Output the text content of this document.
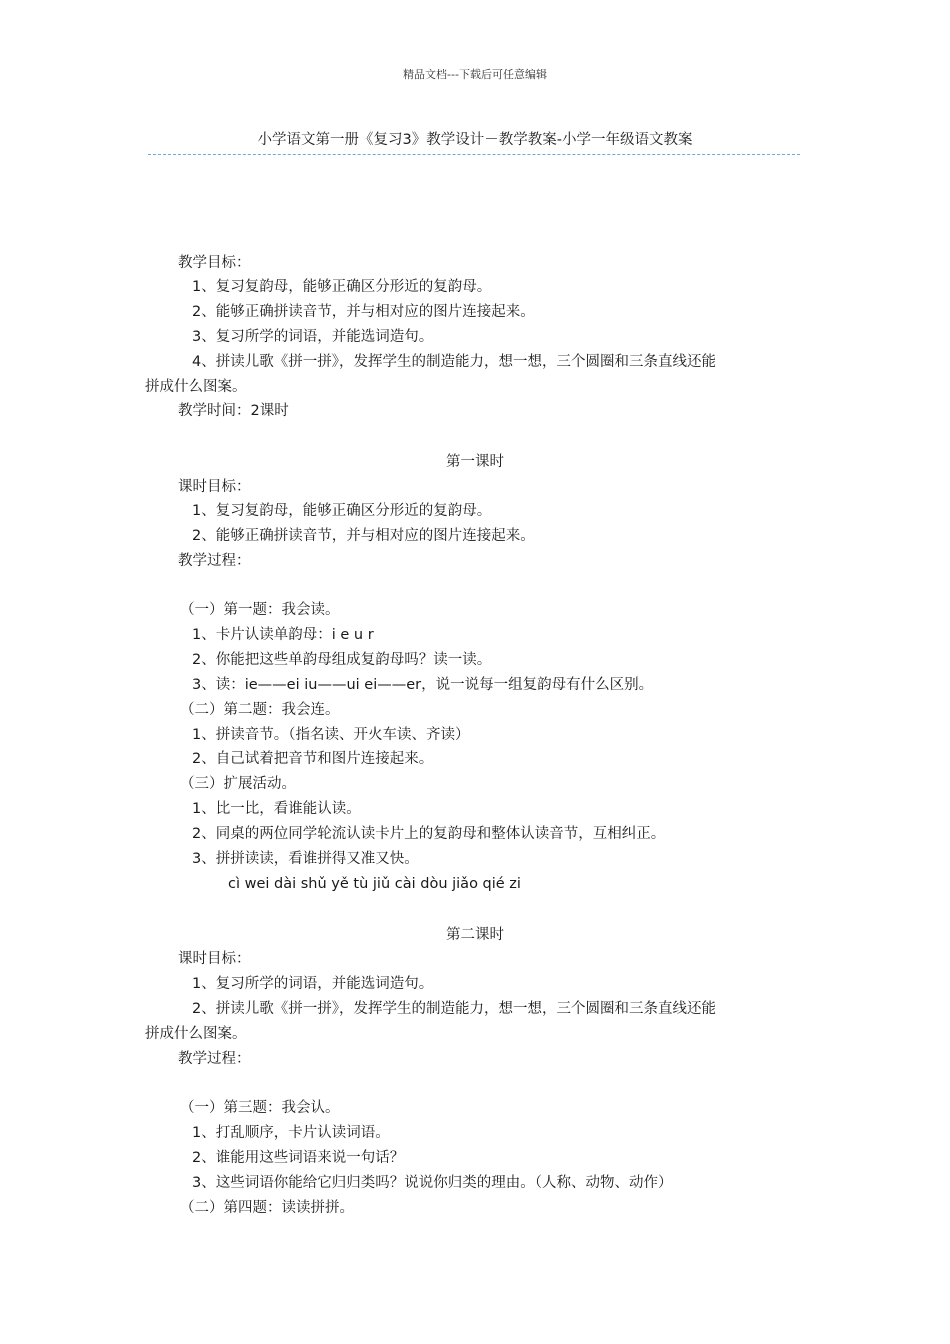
精品文档---下载后可任意编辑
小学语文第一册《复习3》教学设计－教学教案-小学一年级语文教案
教学目标：
1、复习复韵母，能够正确区分形近的复韵母。
2、能够正确拼读音节，并与相对应的图片连接起来。
3、复习所学的词语，并能选词造句。
4、拼读儿歌《拼一拼》，发挥学生的制造能力，想一想，三个圆圈和三条直线还能
拼成什么图案。
教学时间：2课时
第一课时
课时目标：
1、复习复韵母，能够正确区分形近的复韵母。
2、能够正确拼读音节，并与相对应的图片连接起来。
教学过程：
（一）第一题：我会读。
1、卡片认读单韵母：i e u r
2、你能把这些单韵母组成复韵母吗？读一读。
3、读：ie——ei iu——ui ei——er，说一说每一组复韵母有什么区别。
（二）第二题：我会连。
1、拼读音节。（指名读、开火车读、齐读）
2、自己试着把音节和图片连接起来。
（三）扩展活动。
1、比一比，看谁能认读。
2、同桌的两位同学轮流认读卡片上的复韵母和整体认读音节，互相纠正。
3、拼拼读读，看谁拼得又准又快。
cì wei dài shǔ yě tù jiǔ cài dòu jiǎo qié zi
第二课时
课时目标：
1、复习所学的词语，并能选词造句。
2、拼读儿歌《拼一拼》，发挥学生的制造能力，想一想，三个圆圈和三条直线还能
拼成什么图案。
教学过程：
（一）第三题：我会认。
1、打乱顺序，卡片认读词语。
2、谁能用这些词语来说一句话？
3、这些词语你能给它归归类吗？说说你归类的理由。（人称、动物、动作）
（二）第四题：读读拼拼。
